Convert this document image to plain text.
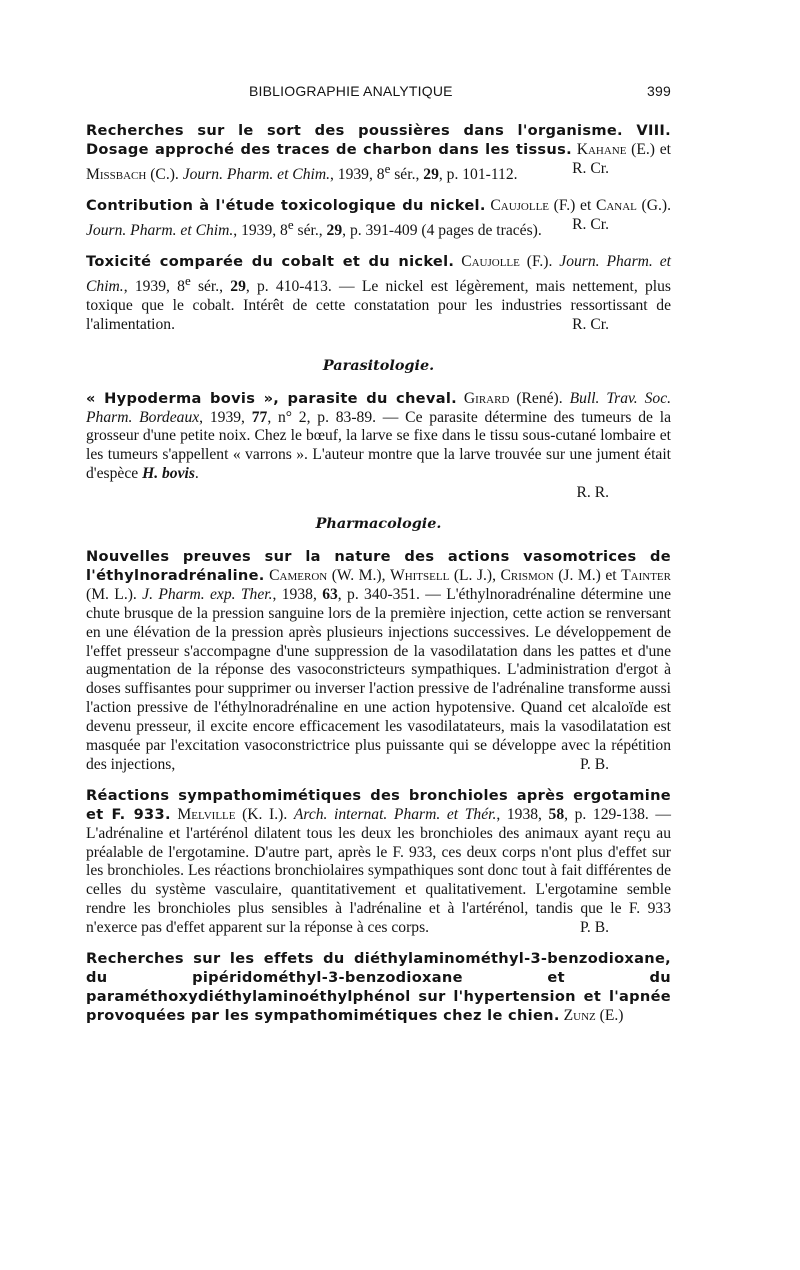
BIBLIOGRAPHIE ANALYTIQUE	399

Recherches sur le sort des poussières dans l'organisme. VIII. Dosage approché des traces de charbon dans les tissus. Kahane (E.) et Missbach (C.). Journ. Pharm. et Chim., 1939, 8e sér., 29, p. 101-112.	R. Cr.

Contribution à l'étude toxicologique du nickel. Caujolle (F.) et Canal (G.). Journ. Pharm. et Chim., 1939, 8e sér., 29, p. 391-409 (4 pages de tracés). R. Cr.

Toxicité comparée du cobalt et du nickel. Caujolle (F.). Journ. Pharm. et Chim., 1939, 8e sér., 29, p. 410-413. — Le nickel est légèrement, mais nettement, plus toxique que le cobalt. Intérêt de cette constatation pour les industries ressortissant de l'alimentation.	R. Cr.

Parasitologie.

« Hypoderma bovis », parasite du cheval. Girard (René). Bull. Trav. Soc. Pharm. Bordeaux, 1939, 77, n° 2, p. 83-89. — Ce parasite détermine des tumeurs de la grosseur d'une petite noix. Chez le bœuf, la larve se fixe dans le tissu sous-cutané lombaire et les tumeurs s'appellent « varrons ». L'auteur montre que la larve trouvée sur une jument était d'espèce H. bovis.
R. R.

Pharmacologie.

Nouvelles preuves sur la nature des actions vasomotrices de l'éthylnoradrénaline. Cameron (W. M.), Whitsell (L. J.), Crismon (J. M.) et Tainter (M. L.). J. Pharm. exp. Ther., 1938, 63, p. 340-351. — L'éthylnoradrénaline détermine une chute brusque de la pression sanguine lors de la première injection, cette action se renversant en une élévation de la pression après plusieurs injections successives. Le développement de l'effet presseur s'accompagne d'une suppression de la vasodilatation dans les pattes et d'une augmentation de la réponse des vasoconstricteurs sympathiques. L'administration d'ergot à doses suffisantes pour supprimer ou inverser l'action pressive de l'adrénaline transforme aussi l'action pressive de l'éthylnoradrénaline en une action hypotensive. Quand cet alcaloïde est devenu presseur, il excite encore efficacement les vasodilatateurs, mais la vasodilatation est masquée par l'excitation vasoconstrictrice plus puissante qui se développe avec la répétition des injections,	P. B.

Réactions sympathomimétiques des bronchioles après ergotamine et F. 933. Melville (K. I.). Arch. internat. Pharm. et Thér., 1938, 58, p. 129-138. — L'adrénaline et l'artérénol dilatent tous les deux les bronchioles des animaux ayant reçu au préalable de l'ergotamine. D'autre part, après le F. 933, ces deux corps n'ont plus d'effet sur les bronchioles. Les réactions bronchiolaires sympathiques sont donc tout à fait différentes de celles du système vasculaire, quantitativement et qualitativement. L'ergotamine semble rendre les bronchioles plus sensibles à l'adrénaline et à l'artérénol, tandis que le F. 933 n'exerce pas d'effet apparent sur la réponse à ces corps.	P. B.

Recherches sur les effets du diéthylaminométhyl-3-benzodioxane, du pipéridométhyl-3-benzodioxane et du paraméthoxydiéthylaminoéthylphénol sur l'hypertension et l'apnée provoquées par les sympathomimétiques chez le chien. Zunz (E.)
